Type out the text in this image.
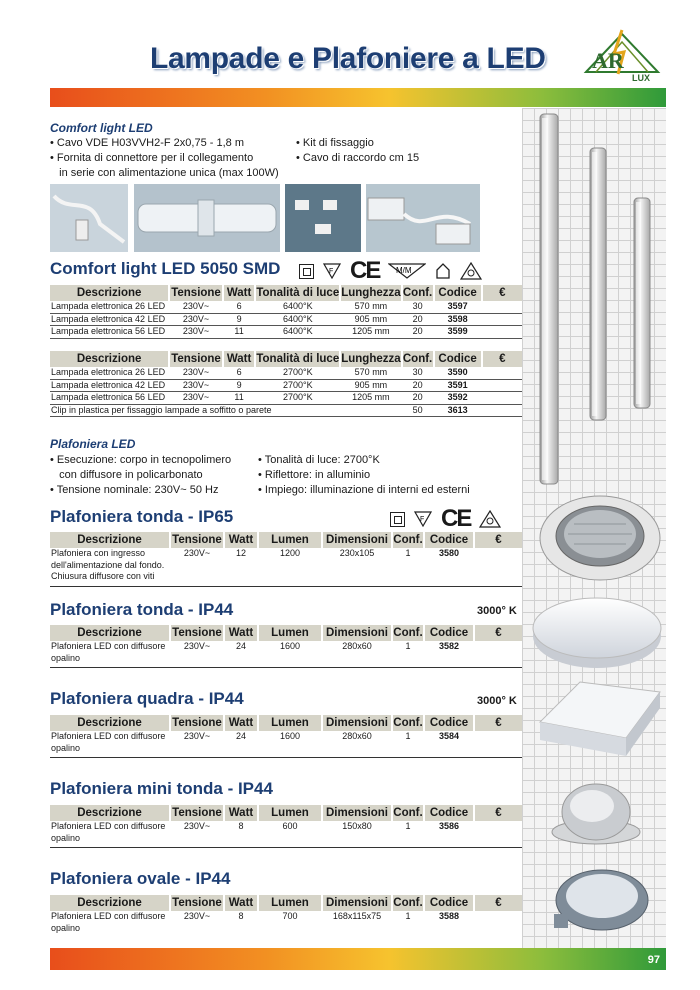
Lampade e Plafoniere a LED AR
LUX
Comfort light LED
• Cavo VDE H03VVH2-F 2x0,75 - 1,8 m
• Fornita di connettore per il collegamento
in serie con alimentazione unica (max 100W)
• Kit di fissaggio
• Cavo di raccordo cm 15
Comfort light LED 5050 SMD	F CE M/M
Descrizione	Tensione	Watt	Tonalità di luce	Lunghezza	Conf.	Codice	€
Lampada elettronica 26 LED	230V~	6	6400°K	570 mm	30	3597	
Lampada elettronica 42 LED	230V~	9	6400°K	905 mm	20	3598	
Lampada elettronica 56 LED	230V~	11	6400°K	1205 mm	20	3599	
Descrizione	Tensione	Watt	Tonalità di luce	Lunghezza	Conf.	Codice	€
Lampada elettronica 26 LED	230V~	6	2700°K	570 mm	30	3590	
Lampada elettronica 42 LED	230V~	9	2700°K	905 mm	20	3591	
Lampada elettronica 56 LED	230V~	11	2700°K	1205 mm	20	3592	
Clip in plastica per fissaggio lampade a soffitto o parete					50	3613	
Plafoniera LED
• Esecuzione: corpo in tecnopolimero
con diffusore in policarbonato
• Tensione nominale: 230V~ 50 Hz
• Tonalità di luce: 2700°K
• Riflettore: in alluminio
• Impiego: illuminazione di interni ed esterni
Plafoniera tonda - IP65	F CE
Descrizione	Tensione	Watt	Lumen	Dimensioni	Conf.	Codice	€

Plafoniera con ingresso
dell'alimentazione dal fondo.
Chiusura diffusore con viti	230V~	12	1200	230x105	1	3580	
Plafoniera tonda - IP44	3000° K
Descrizione	Tensione	Watt	Lumen	Dimensioni	Conf.	Codice	€

Plafoniera LED con diffusore
opalino	230V~	24	1600	280x60	1	3582	
Plafoniera quadra - IP44	3000° K
Descrizione	Tensione	Watt	Lumen	Dimensioni	Conf.	Codice	€

Plafoniera LED con diffusore
opalino	230V~	24	1600	280x60	1	3584	
Plafoniera mini tonda - IP44
Descrizione	Tensione	Watt	Lumen	Dimensioni	Conf.	Codice	€

Plafoniera LED con diffusore
opalino	230V~	8	600	150x80	1	3586	
Plafoniera ovale - IP44
Descrizione	Tensione	Watt	Lumen	Dimensioni	Conf.	Codice	€

Plafoniera LED con diffusore
opalino	230V~	8	700	168x115x75	1	3588	
97
